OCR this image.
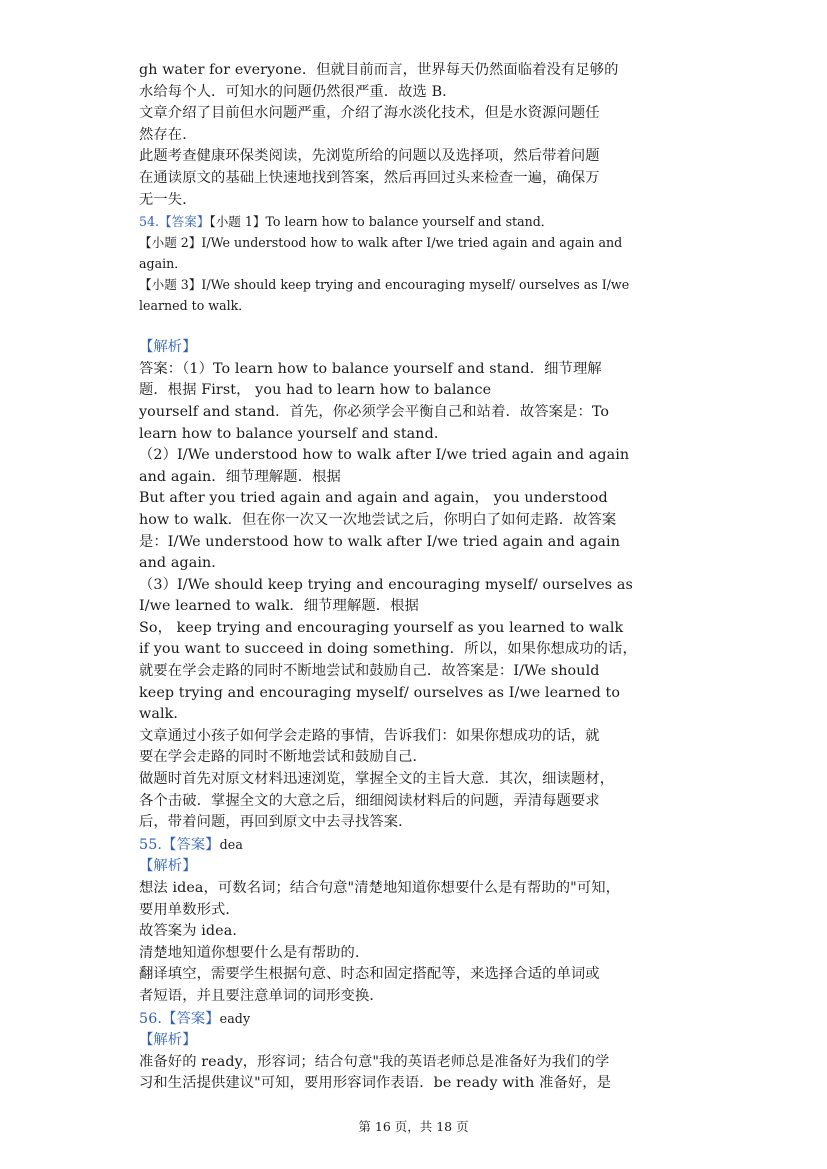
gh water for everyone．但就目前而言，世界每天仍然面临着没有足够的
水给每个人．可知水的问题仍然很严重．故选 B．
文章介绍了目前但水问题严重，介绍了海水淡化技术，但是水资源问题任
然存在．
此题考查健康环保类阅读，先浏览所给的问题以及选择项，然后带着问题
在通读原文的基础上快速地找到答案，然后再回过头来检查一遍，确保万
无一失．
54.【答案】【小题 1】To learn how to balance yourself and stand．
【小题 2】I/We understood how to walk after I/we tried again and again and
again．
【小题 3】I/We should keep trying and encouraging myself/ ourselves as I/we
learned to walk．
【解析】
答案：（1）To learn how to balance yourself and stand．细节理解
题．根据 First， you had to learn how to balance
yourself and stand．首先，你必须学会平衡自己和站着．故答案是：To
learn how to balance yourself and stand．
（2）I/We understood how to walk after I/we tried again and again
and again．细节理解题．根据
But after you tried again and again and again， you understood
how to walk．但在你一次又一次地尝试之后，你明白了如何走路．故答案
是：I/We understood how to walk after I/we tried again and again
and again．
（3）I/We should keep trying and encouraging myself/ ourselves as
I/we learned to walk．细节理解题．根据
So， keep trying and encouraging yourself as you learned to walk
if you want to succeed in doing something．所以，如果你想成功的话，
就要在学会走路的同时不断地尝试和鼓励自己．故答案是：I/We should
keep trying and encouraging myself/ ourselves as I/we learned to
walk．
文章通过小孩子如何学会走路的事情，告诉我们：如果你想成功的话，就
要在学会走路的同时不断地尝试和鼓励自己．
做题时首先对原文材料迅速浏览，掌握全文的主旨大意．其次，细读题材，
各个击破．掌握全文的大意之后，细细阅读材料后的问题，弄清每题要求
后，带着问题，再回到原文中去寻找答案．
55.【答案】dea
【解析】
想法 idea，可数名词；结合句意"清楚地知道你想要什么是有帮助的"可知，
要用单数形式．
故答案为 idea．
清楚地知道你想要什么是有帮助的．
翻译填空，需要学生根据句意、时态和固定搭配等，来选择合适的单词或
者短语，并且要注意单词的词形变换．
56.【答案】eady
【解析】
准备好的 ready，形容词；结合句意"我的英语老师总是准备好为我们的学
习和生活提供建议"可知，要用形容词作表语．be ready with 准备好，是
第 16 页，共 18 页
